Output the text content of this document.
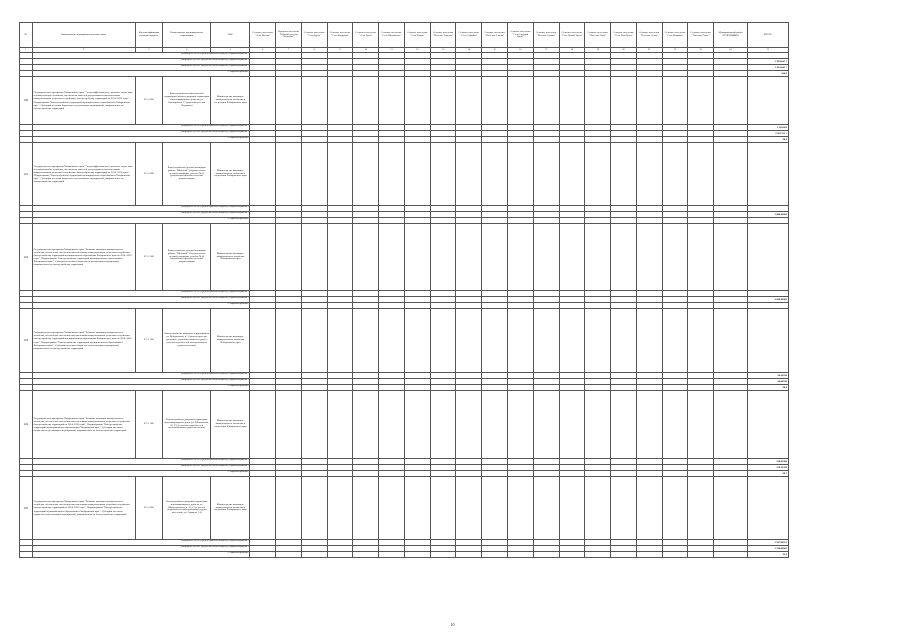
№	Наименование мероприятия целевой статьи	Код классификации расходов бюджета	Наименование муниципального образования	ГРБС	Сельское поселение "Село Кислов"	Городское поселение "Рабочий поселок Чегдомын"	Сельское поселение "Село Бурея"	Сельское поселение "Село Кондрово"	Сельское поселение "Село Ургал"	Сельское поселение "Село Шахтинское"	Сельское поселение "Село Тырма"	Сельское поселение "Поселок Этыркэн"	Сельское поселение "Село Софийск"	Сельское поселение "Поселок Алонка"	Сельское поселение "Село Средний Ургал"	Сельское поселение "Поселок Суляки"	Сельское поселение "Село Новый Ургал"	Сельское поселение "Поселок Эльга"	Сельское поселение "Село Усть-Ургал"	Сельское поселение "Поселок Сутар"	Сельское поселение "Село Кошкино"	Сельское поселение "Поселок Ганко"	Муниципальный район (ГЕЛЕНДЖИК)	ИТОГО
1	2	3	4	5	6	7	8	9	10	11	12	13	14	15	16	17	18	19	20	21	22	23	24	25
	утверждено (за счет средств краевого бюджета) (софинансирование)																							
	утверждено (за счет средств местного бюджета) (софинансирование)																							2 963,647 ?
	утверждено (за счет средств местного бюджета) (софинансирование)																							2 963,647 ?
	% софинансирования																							100,0
120	Государственная программа Хабаровского края "Энергоэффективность, развитие энергетики и коммунального хозяйства, обеспечение жителей доступными и качественными коммунальными услугами и содействие благоустройству территорий на 2014–2020 годы". Подпрограмма "Благоустройство территорий муниципальных образований в Хабаровском крае". Субсидии местным бюджетам на реализацию мероприятий, направленных на благоустройство территорий	071 4 000	Благоустройство общественной территории (ремонт дворовой территории многоквартирного дома) по ул. Октябрьская, 15 (рабочий поселок Чегдомын)	Министерство жилищно-коммунального хозяйства и энергетики Хабаровского края																				
	утверждено (за счет средств краевого бюджета) (софинансирование)																							3 563,602
	утверждено (за счет средств местного бюджета) (софинансирование)																							3 563,711 ?
	% софинансирования																							99,9
121	Государственная программа Хабаровского края "Энергоэффективность, развитие энергетики и коммунального хозяйства, обеспечение жителей доступными и качественными коммунальными услугами и содействие благоустройству территорий на 2014–2020 годы". Подпрограмма "Благоустройство территорий муниципальных образований в Хабаровском крае". Субсидии местным бюджетам на реализацию мероприятий, направленных на благоустройство территорий	071 4 000	Благоустройство детской площадки района "Шахтный" (Строительство детской площадки, участок № 2) (разработка проектно-сметной документации)	Министерство жилищно-коммунального хозяйства и энергетики Хабаровского края																				
	утверждено (за счет средств краевого бюджета) (софинансирование)																							
	утверждено (за счет средств местного бюджета) (софинансирование)																							2 966,00000
	% софинансирования																							
122	Государственная программа Хабаровского края "Развитие жилищно-коммунального хозяйства, обеспечение населения качественными коммунальными услугами и содействие благоустройству территорий муниципальных образований Хабаровского края на 2014–2020 годы". Подпрограмма "Благоустройство территорий муниципальных образований в Хабаровском крае". Субсидии местным бюджетам на реализацию мероприятий, направленных на благоустройство территорий	071 1 000	Благоустройство детской площадки района "Шахтный" (Строительство детской площадки, участок № 4) (разработка проектно-сметной документации)	Министерство жилищно-коммунального хозяйства Хабаровского края																				
	утверждено (за счет средств краевого бюджета) (софинансирование)																							
	утверждено (за счет средств местного бюджета) (софинансирование)																							4 000,00000
	% софинансирования																							
123	Государственная программа Хабаровского края "Развитие жилищно-коммунального хозяйства, обеспечение населения качественными коммунальными услугами и содействие благоустройству территорий муниципальных образований Хабаровского края на 2014–2020 годы". Подпрограмма "Благоустройство территорий муниципальных образований в Хабаровском крае". Субсидии местным бюджетам на реализацию мероприятий, направленных на благоустройство территорий	071 1 000	Благоустройство дворовых территорий по ул. Центральная, д. 2 (ремонт проезда, тротуаров, установка скамеек и урн) (с учетом потребностей маломобильных групп населения)	Министерство жилищно-коммунального хозяйства Хабаровского края																				
	утверждено (за счет средств краевого бюджета) (софинансирование)																							64,16700
	утверждено (за счет средств местного бюджета) (софинансирование)																							64,06700
	% софинансирования																							99,8
124	Государственная программа Хабаровского края "Развитие жилищно-коммунального хозяйства, обеспечение населения качественными коммунальными услугами и содействие благоустройству территорий на 2014–2020 годы". Подпрограмма "Благоустройство территорий муниципальных образований в Хабаровском крае". Субсидии местным бюджетам на реализацию мероприятий, направленных на благоустройство территорий	071 1 000	Благоустройство дворовой территории многоквартирного дома (ул. Шахтинская, 20, 22) (с учетом потребностей маломобильных групп населения)	Министерство жилищно-коммунального хозяйства и энергетики Хабаровского края																				
	утверждено (за счет средств краевого бюджета) (софинансирование)																							158,61900
	утверждено (за счет средств местного бюджета) (софинансирование)																							158,31200
	% софинансирования																							99,7
125	Государственная программа Хабаровского края "Развитие жилищно-коммунального хозяйства, обеспечение населения качественными коммунальными услугами и содействие благоустройству территорий на 2014–2020 годы". Подпрограмма "Благоустройство территорий муниципальных образований в Хабаровском крае". Субсидии местным бюджетам на реализацию мероприятий, направленных на благоустройство территорий	071 4 000	Благоустройство дворовой территории многоквартирного дома по ул. Магистральная, д. 10, 12 (с учетом потребностей маломобильных групп населения, ул. Горького, 14)	Министерство жилищно-коммунального хозяйства и энергетики Хабаровского края																				
	утверждено (за счет средств краевого бюджета) (софинансирование)																							1 947,89251
	утверждено (за счет средств местного бюджета) (софинансирование)																							1 766,49001
	% софинансирования																							91,3
10
